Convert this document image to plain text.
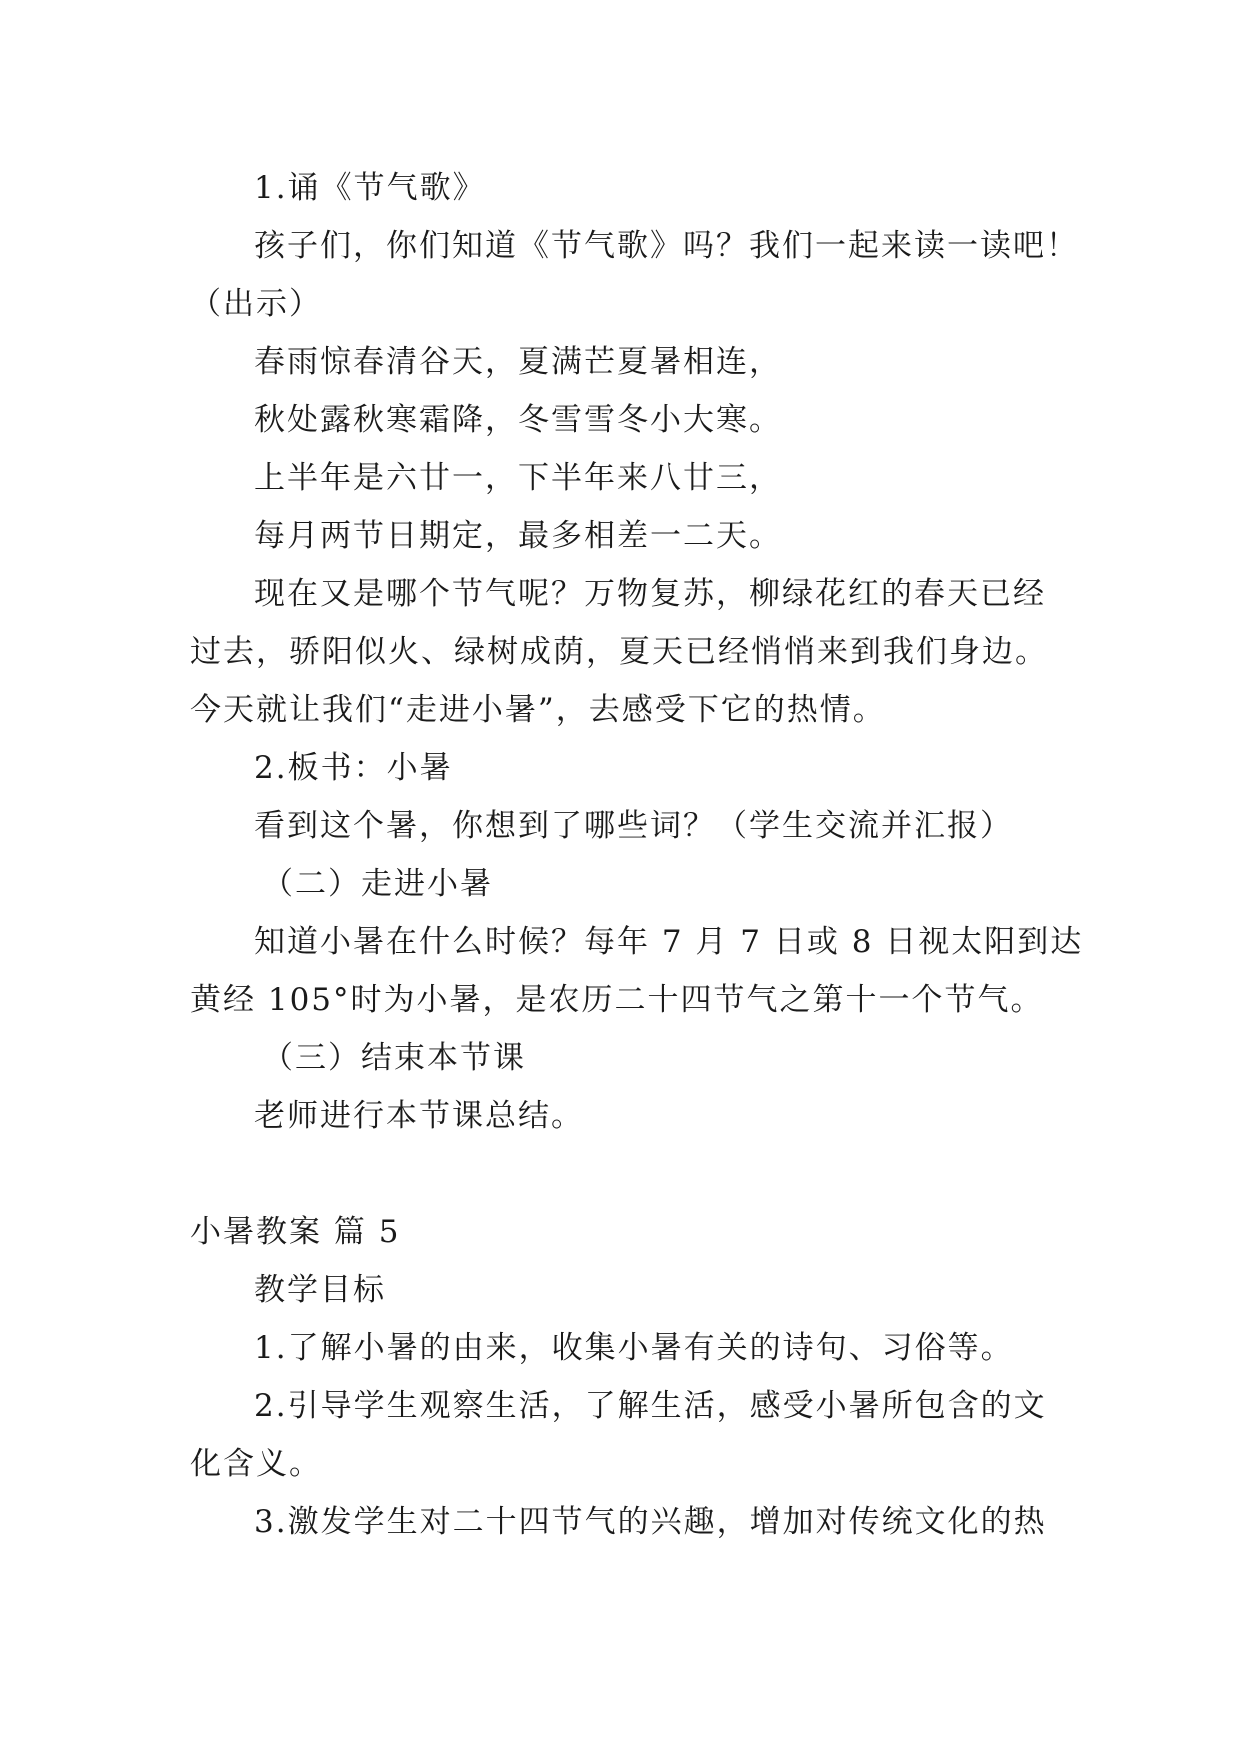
1.诵《节气歌》
孩子们，你们知道《节气歌》吗？我们一起来读一读吧！
（出示）
春雨惊春清谷天，夏满芒夏暑相连，
秋处露秋寒霜降，冬雪雪冬小大寒。
上半年是六廿一，下半年来八廿三，
每月两节日期定，最多相差一二天。
现在又是哪个节气呢？万物复苏，柳绿花红的春天已经
过去，骄阳似火、绿树成荫，夏天已经悄悄来到我们身边。
今天就让我们“走进小暑”，去感受下它的热情。
2.板书：小暑
看到这个暑，你想到了哪些词？（学生交流并汇报）
（二）走进小暑
知道小暑在什么时候？每年 7 月 7 日或 8 日视太阳到达
黄经 105°时为小暑，是农历二十四节气之第十一个节气。
（三）结束本节课
老师进行本节课总结。
小暑教案 篇 5
教学目标
1.了解小暑的由来，收集小暑有关的诗句、习俗等。
2.引导学生观察生活，了解生活，感受小暑所包含的文
化含义。
3.激发学生对二十四节气的兴趣，增加对传统文化的热
